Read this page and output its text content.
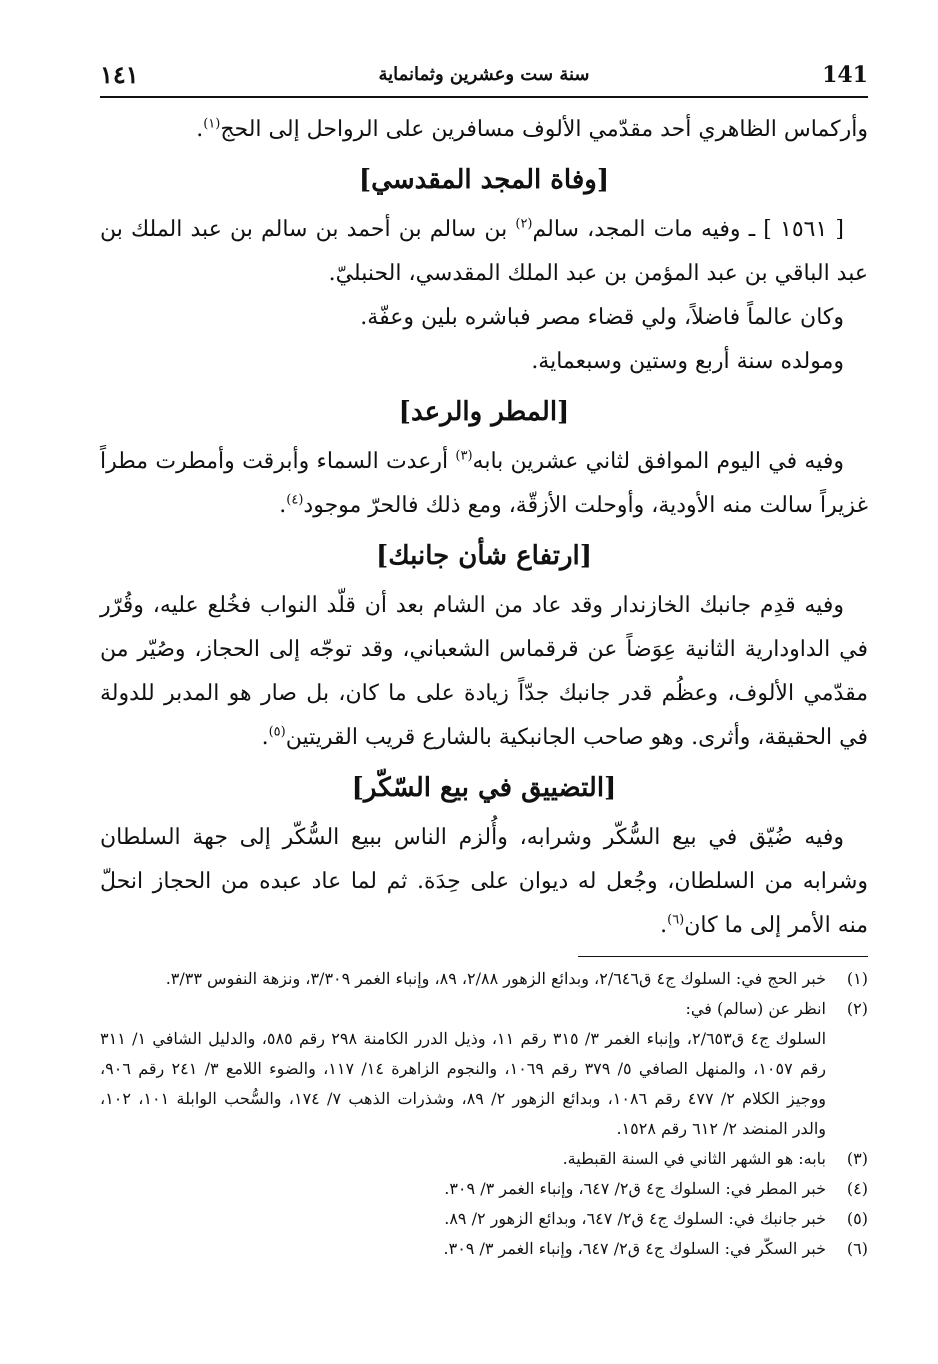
141
سنة ست وعشرين وثمانماية
١٤١

وأركماس الظاهري أحد مقدّمي الألوف مسافرين على الرواحل إلى الحج$^{(١)}$.

[وفاة المجد المقدسي]

[ ١٥٦١ ] ـ وفيه مات المجد، سالم$^{(٢)}$ بن سالم بن أحمد بن سالم بن عبد الملك بن عبد الباقي بن عبد المؤمن بن عبد الملك المقدسي، الحنبليّ.

وكان عالماً فاضلاً، ولي قضاء مصر فباشره بلين وعفّة.

ومولده سنة أربع وستين وسبعماية.

[المطر والرعد]

وفيه في اليوم الموافق لثاني عشرين بابه$^{(٣)}$ أرعدت السماء وأبرقت وأمطرت مطراً غزيراً سالت منه الأودية، وأوحلت الأزقّة، ومع ذلك فالحرّ موجود$^{(٤)}$.

[ارتفاع شأن جانبك]

وفيه قدِم جانبك الخازندار وقد عاد من الشام بعد أن قلّد النواب فخُلع عليه، وقُرّر في الداودارية الثانية عِوَضاً عن قرقماس الشعباني، وقد توجّه إلى الحجاز، وصُيّر من مقدّمي الألوف، وعظُم قدر جانبك جدّاً زيادة على ما كان، بل صار هو المدبر للدولة في الحقيقة، وأثرى. وهو صاحب الجانبكية بالشارع قريب القريتين$^{(٥)}$.

[التضييق في بيع السّكّر]

وفيه ضُيّق في بيع السُّكّر وشرابه، وأُلزم الناس ببيع السُّكّر إلى جهة السلطان وشرابه من السلطان، وجُعل له ديوان على حِدَة. ثم لما عاد عبده من الحجاز انحلّ منه الأمر إلى ما كان$^{(٦)}$.

(١)
خبر الحج في: السلوك ج٤ ق٢/٦٤٦، وبدائع الزهور ٢/٨٨، ٨٩، وإنباء الغمر ٣/٣٠٩، ونزهة النفوس ٣/٣٣.

(٢)
انظر عن (سالم) في:
السلوك ج٤ ق٢/٦٥٣، وإنباء الغمر ٣/ ٣١٥ رقم ١١، وذيل الدرر الكامنة ٢٩٨ رقم ٥٨٥، والدليل الشافي ١/ ٣١١ رقم ١٠٥٧، والمنهل الصافي ٥/ ٣٧٩ رقم ١٠٦٩، والنجوم الزاهرة ١٤/ ١١٧، والضوء اللامع ٣/ ٢٤١ رقم ٩٠٦، ووجيز الكلام ٢/ ٤٧٧ رقم ١٠٨٦، وبدائع الزهور ٢/ ٨٩، وشذرات الذهب ٧/ ١٧٤، والسُّحب الوابلة ١٠١، ١٠٢، والدر المنضد ٢/ ٦١٢ رقم ١٥٢٨.

(٣)
بابه: هو الشهر الثاني في السنة القبطية.

(٤)
خبر المطر في: السلوك ج٤ ق٢/ ٦٤٧، وإنباء الغمر ٣/ ٣٠٩.

(٥)
خبر جانبك في: السلوك ج٤ ق٢/ ٦٤٧، وبدائع الزهور ٢/ ٨٩.

(٦)
خبر السكّر في: السلوك ج٤ ق٢/ ٦٤٧، وإنباء الغمر ٣/ ٣٠٩.
